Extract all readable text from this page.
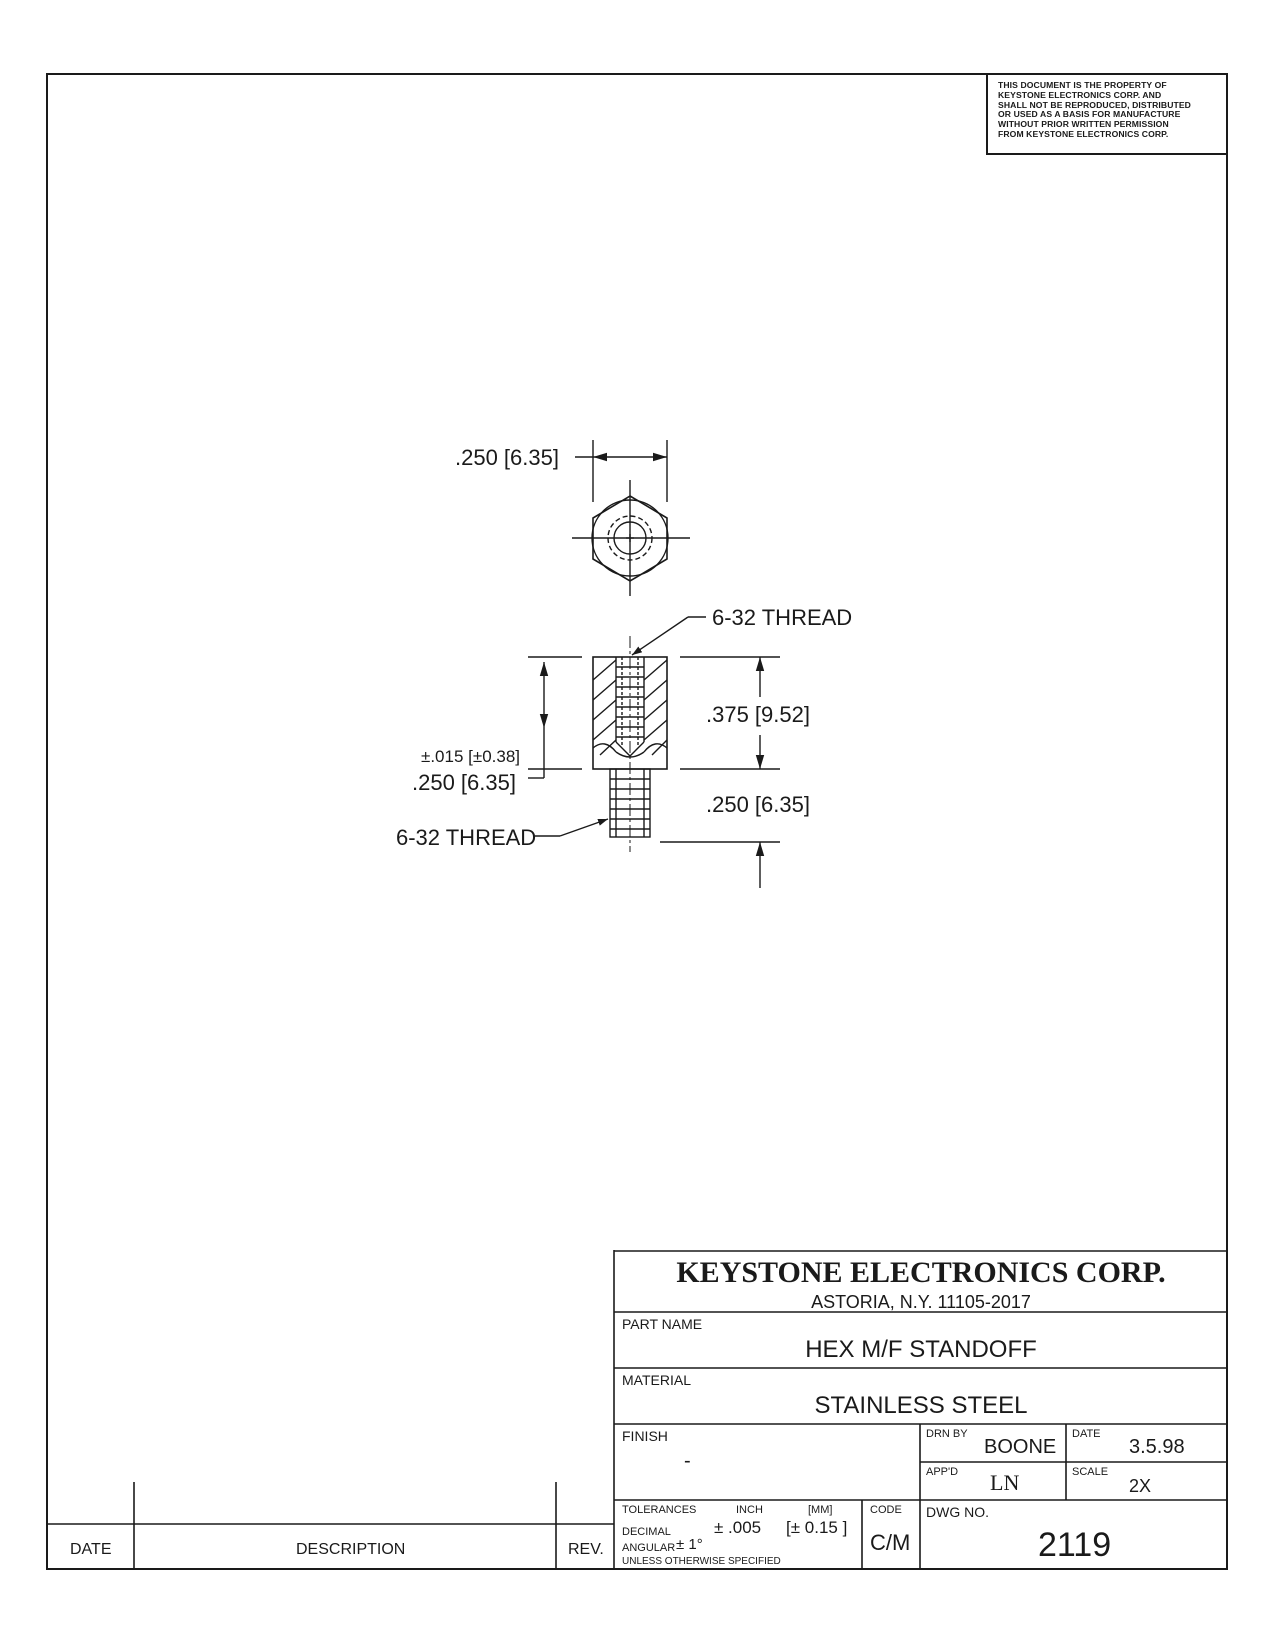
THIS DOCUMENT IS THE PROPERTY OF
KEYSTONE ELECTRONICS CORP. AND
SHALL NOT BE REPRODUCED, DISTRIBUTED
OR USED AS A BASIS FOR MANUFACTURE
WITHOUT PRIOR WRITTEN PERMISSION
FROM KEYSTONE ELECTRONICS CORP.
.250 [6.35]
6-32 THREAD
.375 [9.52]
±.015 [±0.38]
.250 [6.35]
.250 [6.35]
6-32 THREAD
DATE	DESCRIPTION	REV.
KEYSTONE ELECTRONICS CORP.
ASTORIA, N.Y. 11105-2017
PART NAME
HEX M/F STANDOFF
MATERIAL
STAINLESS STEEL
FINISH
-
DRN BY
BOONE
DATE
3.5.98
APP'D LN	SCALE
2X
TOLERANCES	INCH	[MM]
DECIMAL	± .005 [± 0.15 ]
ANGULAR ± 1°
UNLESS OTHERWISE SPECIFIED
CODE
C/M
DWG NO.
2119
